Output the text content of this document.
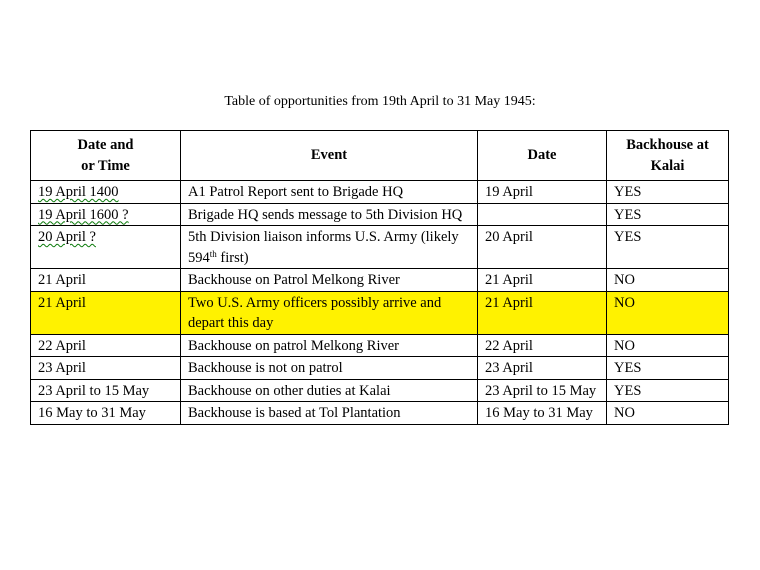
Table of opportunities from 19th April to 31 May 1945:
Date and
or Time	Event	Date	Backhouse at
Kalai

19 April 1400	A1 Patrol Report sent to Brigade HQ	19 April	YES
19 April 1600 ?	Brigade HQ sends message to 5th Division HQ		YES
20 April ?	5th Division liaison informs U.S. Army (likely 594th first)	20 April	YES
21 April	Backhouse on Patrol Melkong River	21 April	NO
21 April	Two U.S. Army officers possibly arrive and depart this day	21 April	NO
22 April	Backhouse on patrol Melkong River	22 April	NO
23 April	Backhouse is not on patrol	23 April	YES
23 April to 15 May	Backhouse on other duties at Kalai	23 April to 15 May	YES
16 May to 31 May	Backhouse is based at Tol Plantation	16 May to 31 May	NO
